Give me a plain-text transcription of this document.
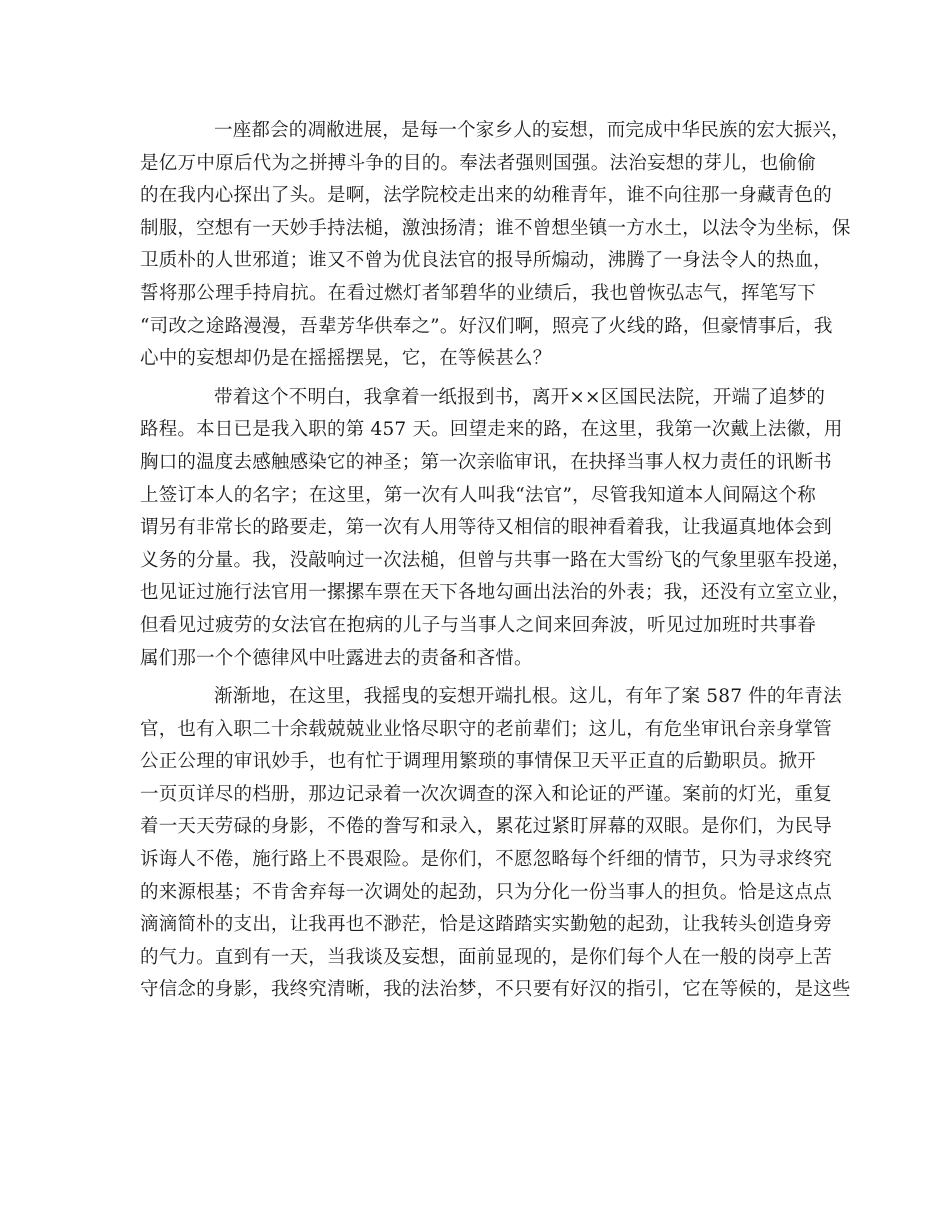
一座都会的凋敝进展，是每一个家乡人的妄想，而完成中华民族的宏大振兴，
是亿万中原后代为之拼搏斗争的目的。奉法者强则国强。法治妄想的芽儿，也偷偷
的在我内心探出了头。是啊，法学院校走出来的幼稚青年，谁不向往那一身藏青色的
制服，空想有一天妙手持法槌，激浊扬清；谁不曾想坐镇一方水土，以法令为坐标，保
卫质朴的人世邪道；谁又不曾为优良法官的报导所煽动，沸腾了一身法令人的热血，
誓将那公理手持肩抗。在看过燃灯者邹碧华的业绩后，我也曾恢弘志气，挥笔写下
“司改之途路漫漫，吾辈芳华供奉之”。好汉们啊，照亮了火线的路，但豪情事后，我
心中的妄想却仍是在摇摇摆晃，它，在等候甚么？
带着这个不明白，我拿着一纸报到书，离开××区国民法院，开端了追梦的
路程。本日已是我入职的第 457 天。回望走来的路，在这里，我第一次戴上法徽，用
胸口的温度去感触感染它的神圣；第一次亲临审讯，在抉择当事人权力责任的讯断书
上签订本人的名字；在这里，第一次有人叫我“法官”，尽管我知道本人间隔这个称
谓另有非常长的路要走，第一次有人用等待又相信的眼神看着我，让我逼真地体会到
义务的分量。我，没敲响过一次法槌，但曾与共事一路在大雪纷飞的气象里驱车投递，
也见证过施行法官用一摞摞车票在天下各地勾画出法治的外表；我，还没有立室立业，
但看见过疲劳的女法官在抱病的儿子与当事人之间来回奔波，听见过加班时共事眷
属们那一个个德律风中吐露进去的责备和吝惜。
渐渐地，在这里，我摇曳的妄想开端扎根。这儿，有年了案 587 件的年青法
官，也有入职二十余载兢兢业业恪尽职守的老前辈们；这儿，有危坐审讯台亲身掌管
公正公理的审讯妙手，也有忙于调理用繁琐的事情保卫天平正直的后勤职员。掀开
一页页详尽的档册，那边记录着一次次调查的深入和论证的严谨。案前的灯光，重复
着一天天劳碌的身影，不倦的誊写和录入，累花过紧盯屏幕的双眼。是你们，为民导
诉诲人不倦，施行路上不畏艰险。是你们，不愿忽略每个纤细的情节，只为寻求终究
的来源根基；不肯舍弃每一次调处的起劲，只为分化一份当事人的担负。恰是这点点
滴滴简朴的支出，让我再也不渺茫，恰是这踏踏实实勤勉的起劲，让我转头创造身旁
的气力。直到有一天，当我谈及妄想，面前显现的，是你们每个人在一般的岗亭上苦
守信念的身影，我终究清晰，我的法治梦，不只要有好汉的指引，它在等候的，是这些
